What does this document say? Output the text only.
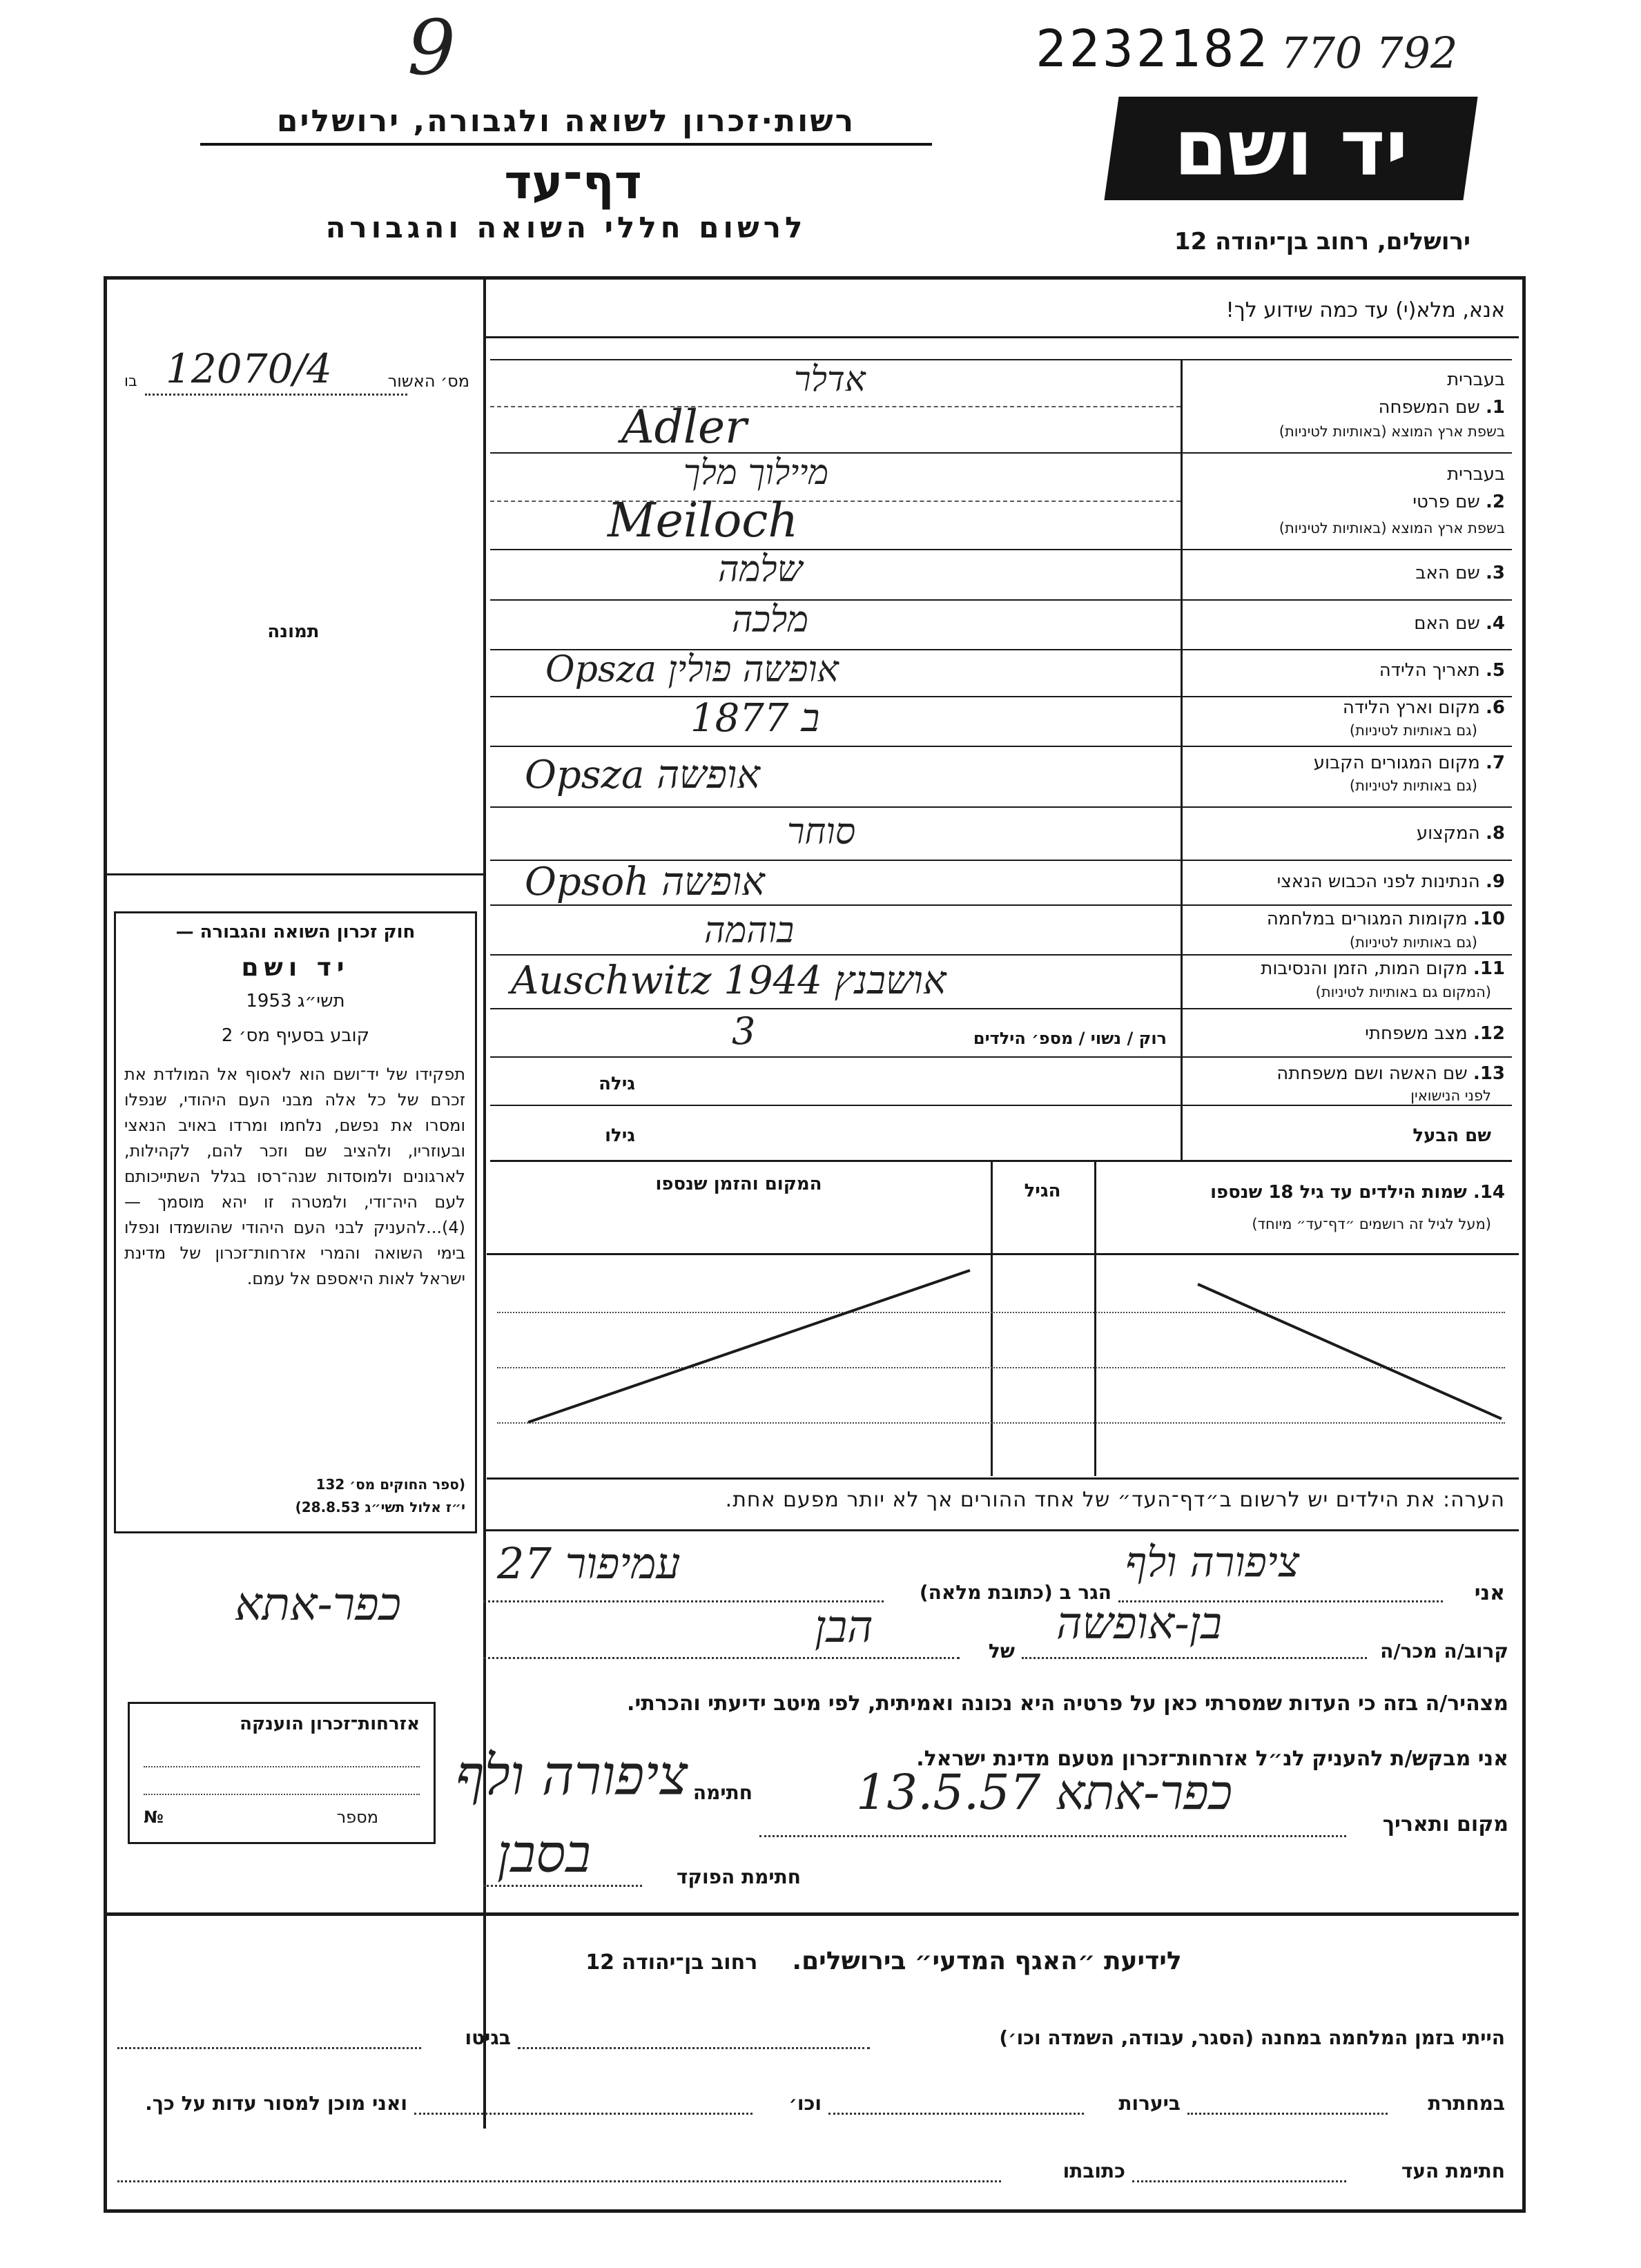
9	2232182 770 792
רשות·זכרון לשואה ולגבורה, ירושלים
דף־עד
לרשום חללי השואה והגבורה
יד ושם
ירושלים, רחוב בן־יהודה 12
אנא, מלא(י) עד כמה שידוע לך!
בו 12070/4	מס׳ האשור
תמונה
חוק זכרון השואה והגבורה —
יד ושם
תשי״ג 1953
קובע בסעיף מס׳ 2
תפקידו של יד־ושם הוא לאסוף אל המולדת את זכרם של כל אלה מבני העם היהודי, שנפלו ומסרו את נפשם, נלחמו ומרדו באויב הנאצי ובעוזריו, ולהציב שם וזכר להם, לקהילות, לארגונים ולמוסדות שנה־רסו בגלל השתייכותם לעם היה־ודי, ולמטרה זו יהא מוסמך —(4)...להעניק לבני העם היהודי שהושמדו ונפלו בימי השואה והמרי אזרחות־זכרון של מדינת ישראל לאות היאספם אל עמם.
(ספר החוקים מס׳ 132
י״ז אלול תשי״ג 28.8.53)
בעברית
1. שם המשפחה
בשפת ארץ המוצא (באותיות לטיניות)
אדלר
Adler
בעברית
2. שם פרטי
בשפת ארץ המוצא (באותיות לטיניות)
מיילוך מלך
Meiloch
3. שם האב
שלמה
4. שם האם
מלכה
5. תאריך הלידה
אופשה פולין Opsza
6. מקום וארץ הלידה
(גם באותיות לטיניות)
ב 1877
7. מקום המגורים הקבוע
(גם באותיות לטיניות)
אופשה Opsza
8. המקצוע
סוחר
9. הנתינות לפני הכבוש הנאצי
אופשה Opsoh
10. מקומות המגורים במלחמה
(גם באותיות לטיניות)
בוהמה
11. מקום המות, הזמן והנסיבות
(המקום גם באותיות לטיניות)
אושבנץ 1944 Auschwitz
12. מצב משפחתי
רוק / נשוי / מספ׳ הילדים
3
13. שם האשה ושם משפחתה
לפני הנישואין
גילה
שם הבעל
גילו
14. שמות הילדים עד גיל 18 שנספו
(מעל לגיל זה רושמים ״דף־עד״ מיוחד)
הגיל
המקום והזמן שנספו
הערה: את הילדים יש לרשום ב״דף־העד״ של אחד ההורים אך לא יותר מפעם אחת.
אני
ציפורה ולף
הגר ב (כתובת מלאה)
עמיפור 27
כפר-אתא
קרוב/ה מכר/ה
בן-אופשה
של
הבן
מצהיר/ה בזה כי העדות שמסרתי כאן על פרטיה היא נכונה ואמיתית, לפי מיטב ידיעתי והכרתי.
אני מבקש/ת להעניק לנ״ל אזרחות־זכרון מטעם מדינת ישראל.
מקום ותאריך
כפר-אתא 13.5.57
חתימה
ציפורה ולף
חתימת הפוקד
בסבן
אזרחות־זכרון הוענקה
№	מספר
לידיעת ״האגף המדעי״ בירושלים.    רחוב בן־יהודה 12
הייתי בזמן המלחמה במחנה (הסגר, עבודה, השמדה וכו׳)
בגיטו
במחתרת
ביערות
וכו׳
ואני מוכן למסור עדות על כך.
חתימת העד
כתובתו
